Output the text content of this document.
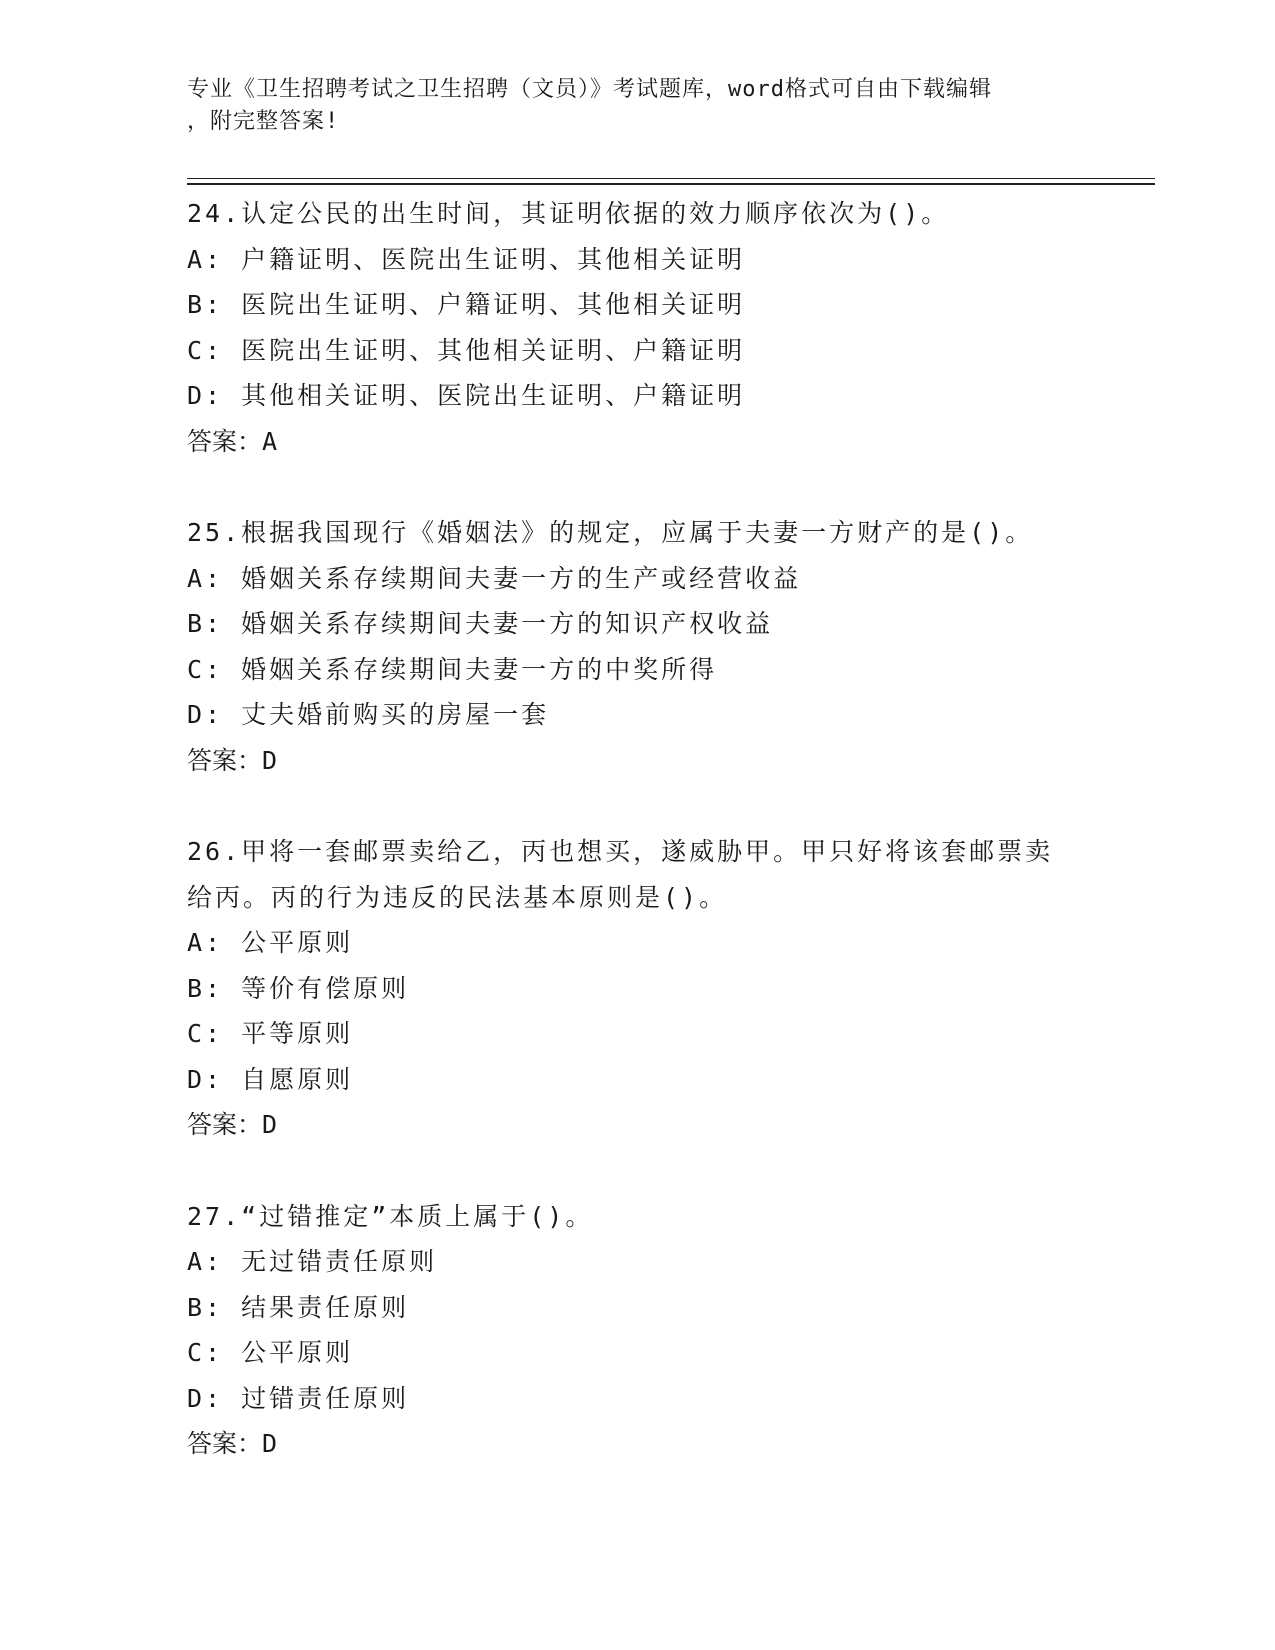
专业《卫生招聘考试之卫生招聘（文员）》考试题库，word格式可自由下载编辑
，附完整答案!
24.认定公民的出生时间，其证明依据的效力顺序依次为()。
A: 户籍证明、医院出生证明、其他相关证明
B: 医院出生证明、户籍证明、其他相关证明
C: 医院出生证明、其他相关证明、户籍证明
D: 其他相关证明、医院出生证明、户籍证明
答案：A
25.根据我国现行《婚姻法》的规定，应属于夫妻一方财产的是()。
A: 婚姻关系存续期间夫妻一方的生产或经营收益
B: 婚姻关系存续期间夫妻一方的知识产权收益
C: 婚姻关系存续期间夫妻一方的中奖所得
D: 丈夫婚前购买的房屋一套
答案：D
26.甲将一套邮票卖给乙，丙也想买，遂威胁甲。甲只好将该套邮票卖
给丙。丙的行为违反的民法基本原则是()。
A: 公平原则
B: 等价有偿原则
C: 平等原则
D: 自愿原则
答案：D
27.“过错推定”本质上属于()。
A: 无过错责任原则
B: 结果责任原则
C: 公平原则
D: 过错责任原则
答案：D
